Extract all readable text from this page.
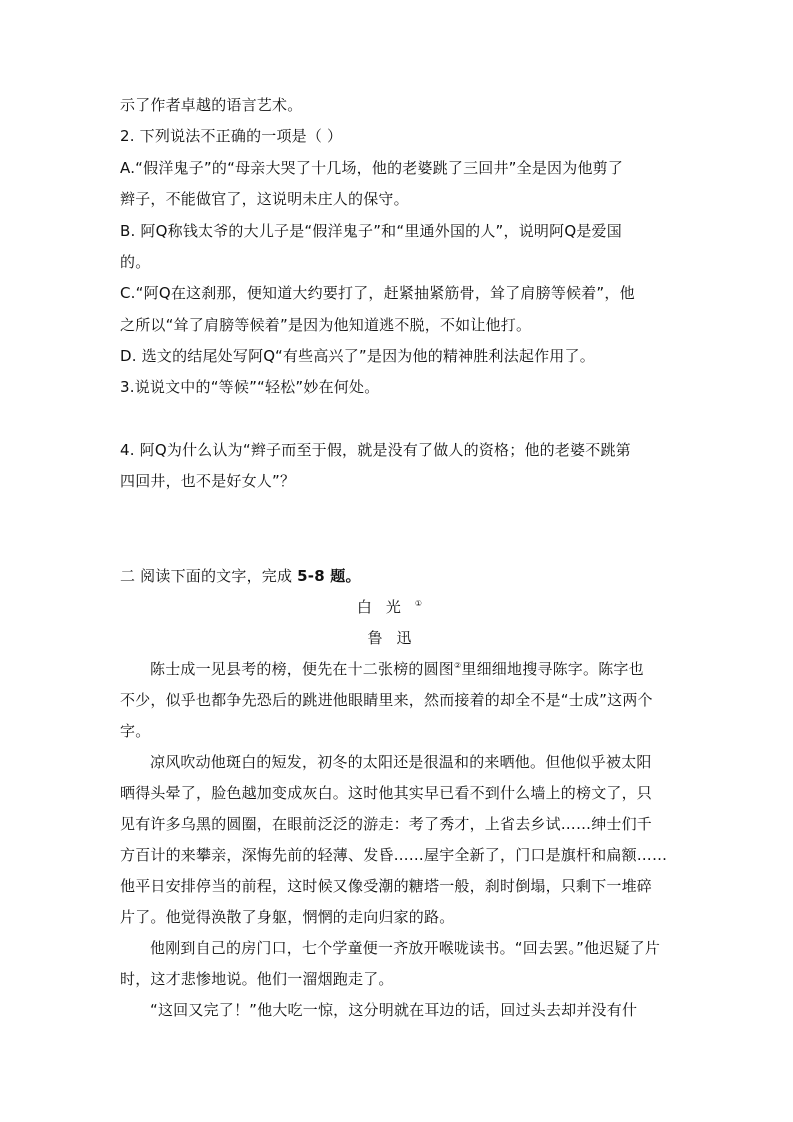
示了作者卓越的语言艺术。
2. 下列说法不正确的一项是（ ）
A.“假洋鬼子”的“母亲大哭了十几场，他的老婆跳了三回井”全是因为他剪了
辫子，不能做官了，这说明未庄人的保守。
B. 阿Q称钱太爷的大儿子是“假洋鬼子”和“里通外国的人”，说明阿Q是爱国
的。
C.“阿Q在这刹那，便知道大约要打了，赶紧抽紧筋骨，耸了肩膀等候着”，他
之所以“耸了肩膀等候着”是因为他知道逃不脱，不如让他打。
D. 选文的结尾处写阿Q“有些高兴了”是因为他的精神胜利法起作用了。
3.说说文中的“等候”“轻松”妙在何处。
4. 阿Q为什么认为“辫子而至于假，就是没有了做人的资格；他的老婆不跳第
四回井，也不是好女人”？
二 阅读下面的文字，完成 5-8 题。
白光①
鲁迅
陈士成一见县考的榜，便先在十二张榜的圆图②里细细地搜寻陈字。陈字也
不少，似乎也都争先恐后的跳进他眼睛里来，然而接着的却全不是“士成”这两个
字。
凉风吹动他斑白的短发，初冬的太阳还是很温和的来晒他。但他似乎被太阳
晒得头晕了，脸色越加变成灰白。这时他其实早已看不到什么墙上的榜文了，只
见有许多乌黑的圆圈，在眼前泛泛的游走：考了秀才，上省去乡试……绅士们千
方百计的来攀亲，深悔先前的轻薄、发昏……屋宇全新了，门口是旗杆和扁额……
他平日安排停当的前程，这时候又像受潮的糖塔一般，刹时倒塌，只剩下一堆碎
片了。他觉得涣散了身躯，惘惘的走向归家的路。
他刚到自己的房门口，七个学童便一齐放开喉咙读书。“回去罢。”他迟疑了片
时，这才悲惨地说。他们一溜烟跑走了。
“这回又完了！”他大吃一惊，这分明就在耳边的话，回过头去却并没有什
